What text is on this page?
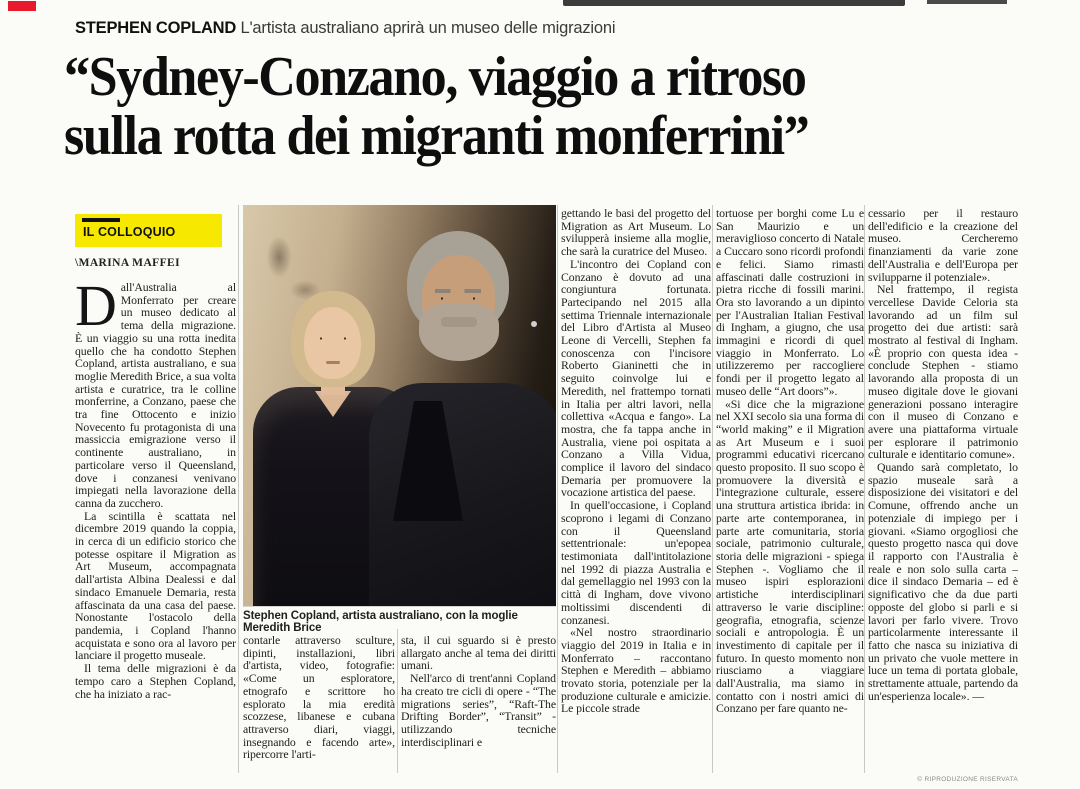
STEPHEN COPLAND L'artista australiano aprirà un museo delle migrazioni
“Sydney-Conzano, viaggio a ritroso
sulla rotta dei migranti monferrini”
IL COLLOQUIO
\MARINA MAFFEI
Stephen Copland, artista australiano, con la moglie Meredith Brice

Dall'Australia al Monferrato per creare un museo dedicato al tema della migrazione. È un viaggio su una rotta inedita quello che ha condotto Stephen Copland, artista australiano, e sua moglie Meredith Brice, a sua volta artista e curatrice, tra le colline monferrine, a Conzano, paese che tra fine Ottocento e inizio Novecento fu protagonista di una massiccia emigrazione verso il continente australiano, in particolare verso il Queensland, dove i conzanesi venivano impiegati nella lavorazione della canna da zucchero.

La scintilla è scattata nel dicembre 2019 quando la coppia, in cerca di un edificio storico che potesse ospitare il Migration as Art Museum, accompagnata dall'artista Albina Dealessi e dal sindaco Emanuele Demaria, resta affascinata da una casa del paese. Nonostante l'ostacolo della pandemia, i Copland l'hanno acquistata e sono ora al lavoro per lanciare il progetto museale.

Il tema delle migrazioni è da tempo caro a Stephen Copland, che ha iniziato a rac-

contarle attraverso sculture, dipinti, installazioni, libri d'artista, video, fotografie: «Come un esploratore, etnografo e scrittore ho esplorato la mia eredità scozzese, libanese e cubana attraverso diari, viaggi, insegnando e facendo arte», ripercorre l'arti-

sta, il cui sguardo si è presto allargato anche al tema dei diritti umani.

Nell'arco di trent'anni Copland ha creato tre cicli di opere - “The migrations series”, “Raft-The Drifting Border”, “Transit” - utilizzando tecniche interdisciplinari e

gettando le basi del progetto del Migration as Art Museum. Lo svilupperà insieme alla moglie, che sarà la curatrice del Museo.

L'incontro dei Copland con Conzano è dovuto ad una congiuntura fortunata. Partecipando nel 2015 alla settima Triennale internazionale del Libro d'Artista al Museo Leone di Vercelli, Stephen fa conoscenza con l'incisore Roberto Gianinetti che in seguito coinvolge lui e Meredith, nel frattempo tornati in Italia per altri lavori, nella collettiva «Acqua e fango». La mostra, che fa tappa anche in Australia, viene poi ospitata a Conzano a Villa Vidua, complice il lavoro del sindaco Demaria per promuovere la vocazione artistica del paese.

In quell'occasione, i Copland scoprono i legami di Conzano con il Queensland settentrionale: un'epopea testimoniata dall'intitolazione nel 1992 di piazza Australia e dal gemellaggio nel 1993 con la città di Ingham, dove vivono moltissimi discendenti di conzanesi.

«Nel nostro straordinario viaggio del 2019 in Italia e in Monferrato – raccontano Stephen e Meredith – abbiamo trovato storia, potenziale per la produzione culturale e amicizie. Le piccole strade

tortuose per borghi come Lu e San Maurizio e un meraviglioso concerto di Natale a Cuccaro sono ricordi profondi e felici. Siamo rimasti affascinati dalle costruzioni in pietra ricche di fossili marini. Ora sto lavorando a un dipinto per l'Australian Italian Festival di Ingham, a giugno, che usa immagini e ricordi di quel viaggio in Monferrato. Lo utilizzeremo per raccogliere fondi per il progetto legato al museo delle “Art doors”».

«Si dice che la migrazione nel XXI secolo sia una forma di “world making” e il Migration as Art Museum e i suoi programmi educativi ricercano questo proposito. Il suo scopo è promuovere la diversità e l'integrazione culturale, essere una struttura artistica ibrida: in parte arte contemporanea, in parte arte comunitaria, storia sociale, patrimonio culturale, storia delle migrazioni - spiega Stephen -. Vogliamo che il museo ispiri esplorazioni artistiche interdisciplinari attraverso le varie discipline: geografia, etnografia, scienze sociali e antropologia. È un investimento di capitale per il futuro. In questo momento non riusciamo a viaggiare dall'Australia, ma siamo in contatto con i nostri amici di Conzano per fare quanto ne-

cessario per il restauro dell'edificio e la creazione del museo. Cercheremo finanziamenti da varie zone dell'Australia e dell'Europa per svilupparne il potenziale».

Nel frattempo, il regista vercellese Davide Celoria sta lavorando ad un film sul progetto dei due artisti: sarà mostrato al festival di Ingham. «È proprio con questa idea - conclude Stephen - stiamo lavorando alla proposta di un museo digitale dove le giovani generazioni possano interagire con il museo di Conzano e avere una piattaforma virtuale per esplorare il patrimonio culturale e identitario comune».

Quando sarà completato, lo spazio museale sarà a disposizione dei visitatori e del Comune, offrendo anche un potenziale di impiego per i giovani. «Siamo orgogliosi che questo progetto nasca qui dove il rapporto con l'Australia è reale e non solo sulla carta – dice il sindaco Demaria – ed è significativo che da due parti opposte del globo si parli e si lavori per farlo vivere. Trovo particolarmente interessante il fatto che nasca su iniziativa di un privato che vuole mettere in luce un tema di portata globale, strettamente attuale, partendo da un'esperienza locale». —

© RIPRODUZIONE RISERVATA
